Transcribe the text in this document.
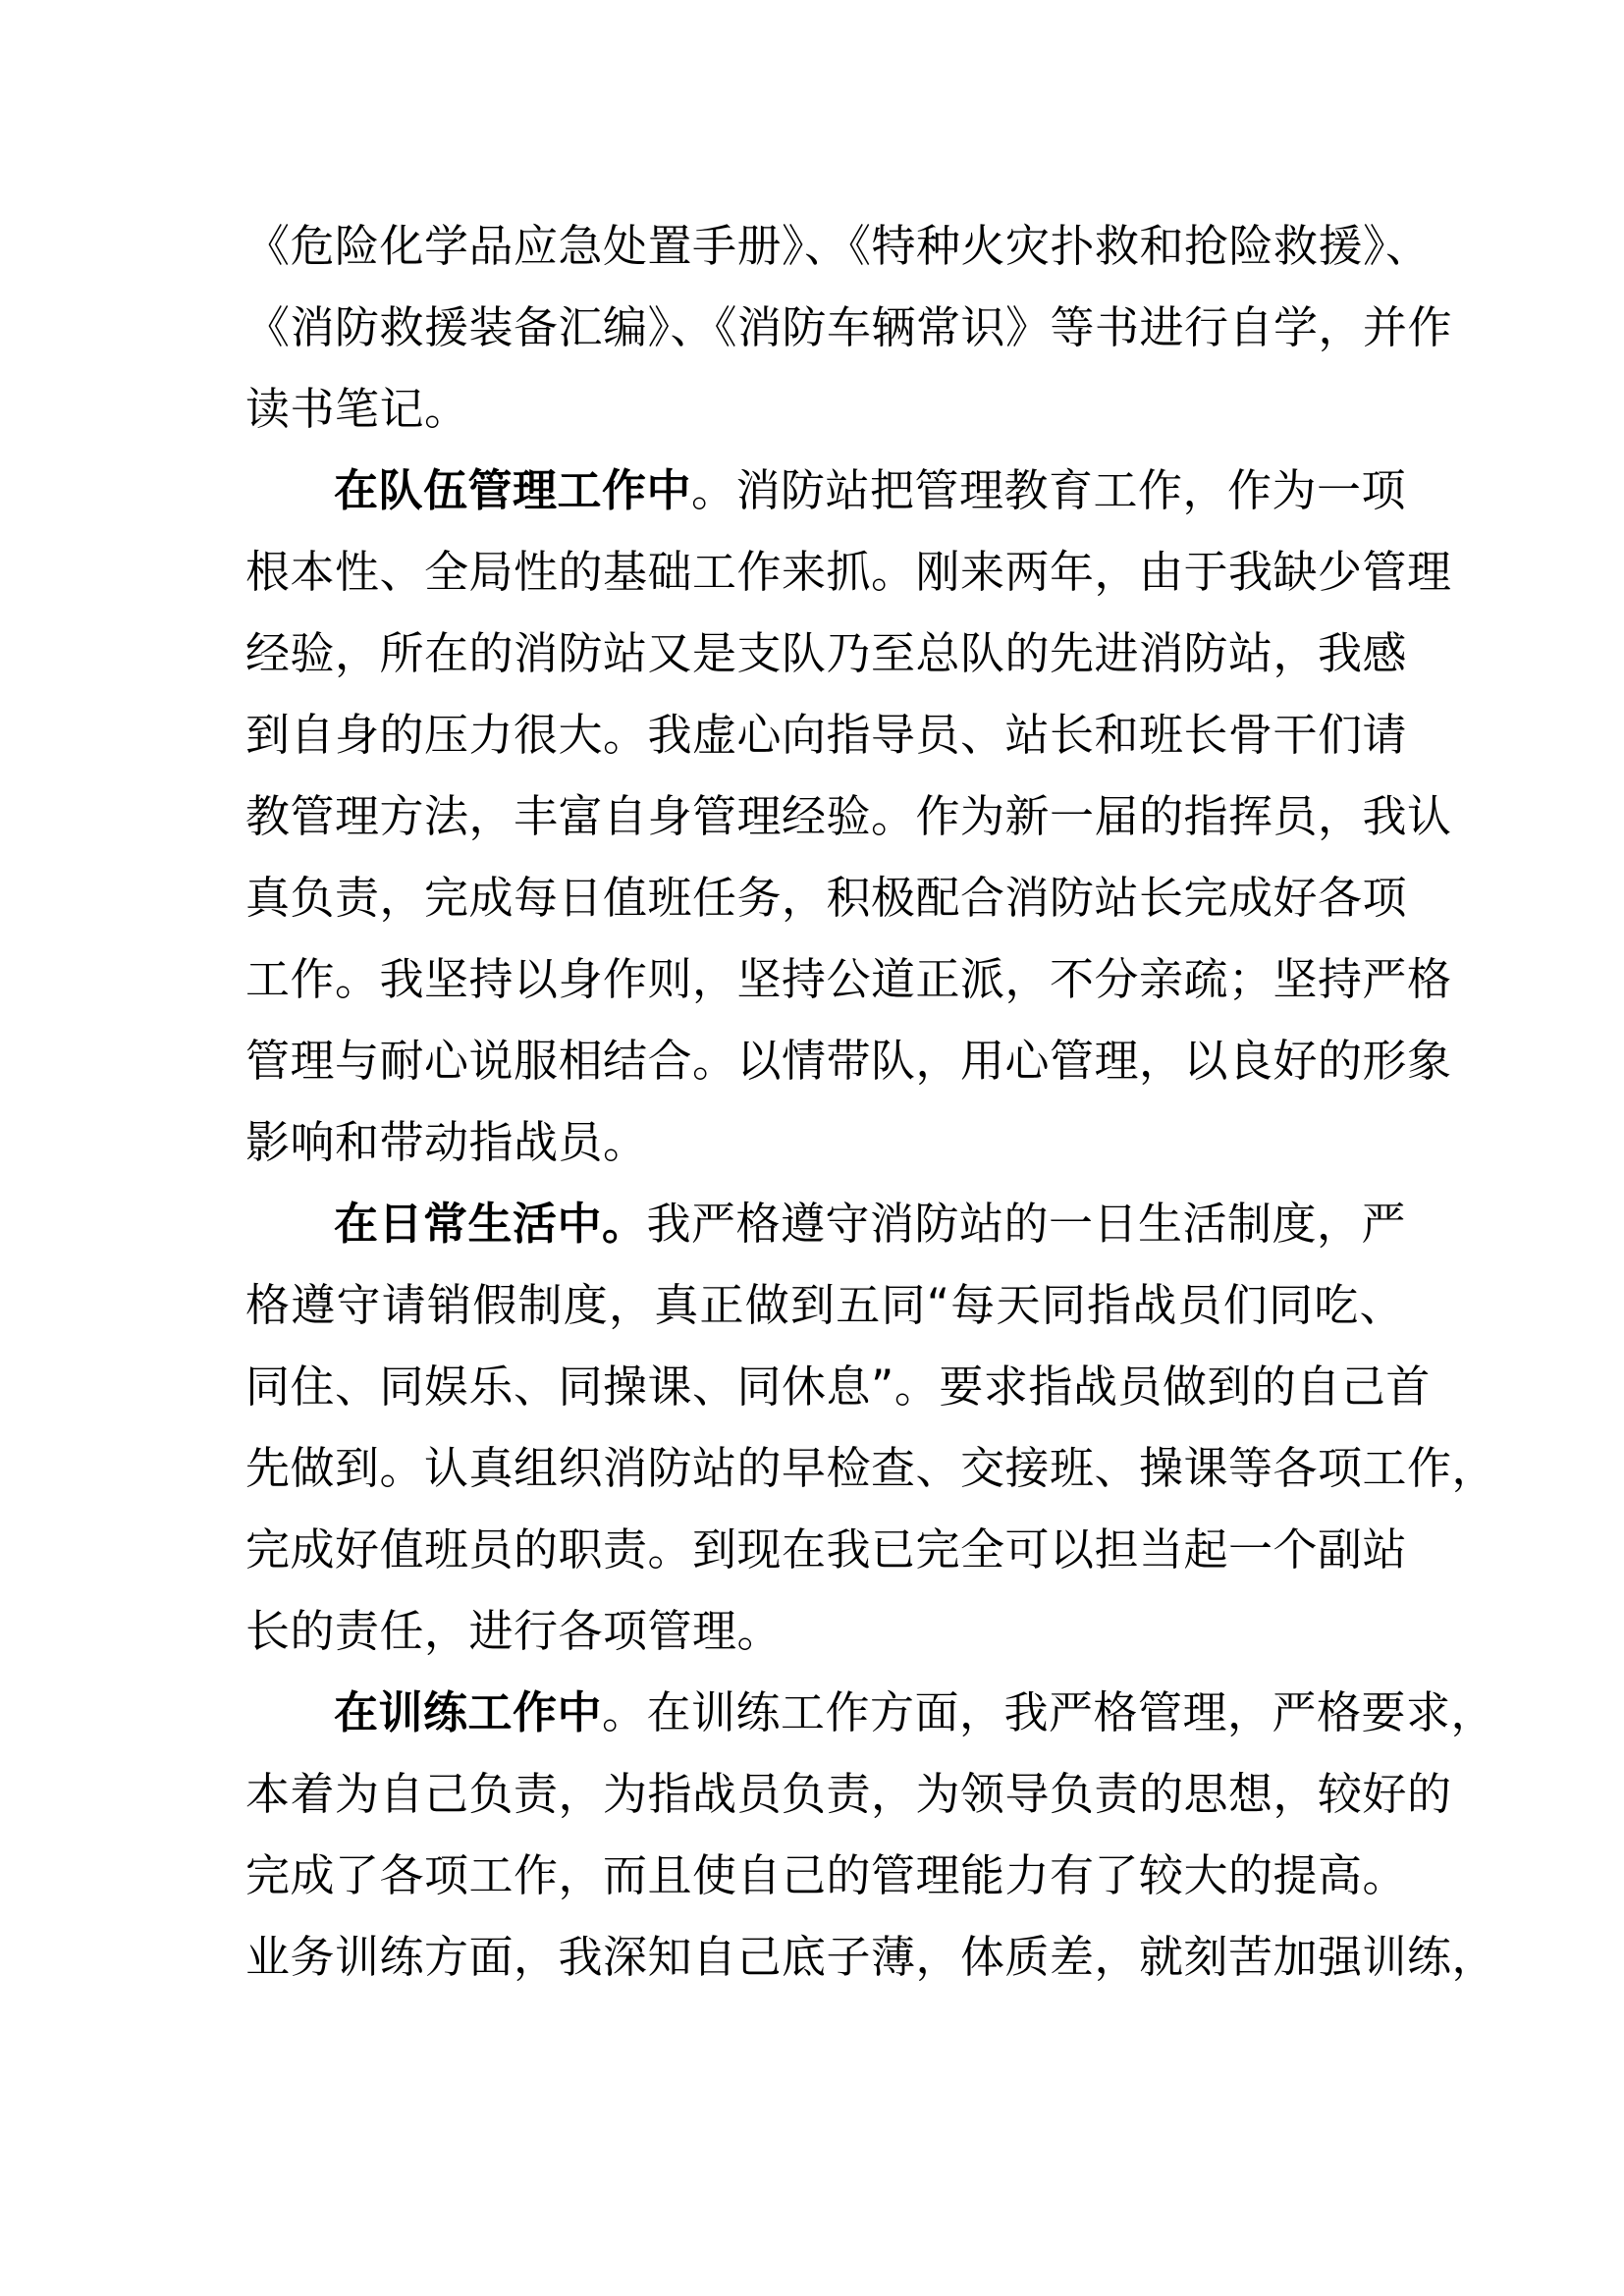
《危险化学品应急处置手册》、《特种火灾扑救和抢险救援》、
《消防救援装备汇编》、《消防车辆常识》等书进行自学，并作
读书笔记。
在队伍管理工作中。消防站把管理教育工作，作为一项
根本性、全局性的基础工作来抓。刚来两年，由于我缺少管理
经验，所在的消防站又是支队乃至总队的先进消防站，我感
到自身的压力很大。我虚心向指导员、站长和班长骨干们请
教管理方法，丰富自身管理经验。作为新一届的指挥员，我认
真负责，完成每日值班任务，积极配合消防站长完成好各项
工作。我坚持以身作则，坚持公道正派，不分亲疏；坚持严格
管理与耐心说服相结合。以情带队，用心管理，以良好的形象
影响和带动指战员。
在日常生活中。我严格遵守消防站的一日生活制度，严
格遵守请销假制度，真正做到五同“每天同指战员们同吃、
同住、同娱乐、同操课、同休息”。要求指战员做到的自己首
先做到。认真组织消防站的早检查、交接班、操课等各项工作，
完成好值班员的职责。到现在我已完全可以担当起一个副站
长的责任，进行各项管理。
在训练工作中。在训练工作方面，我严格管理，严格要求，
本着为自己负责，为指战员负责，为领导负责的思想，较好的
完成了各项工作，而且使自己的管理能力有了较大的提高。
业务训练方面，我深知自己底子薄，体质差，就刻苦加强训练，
